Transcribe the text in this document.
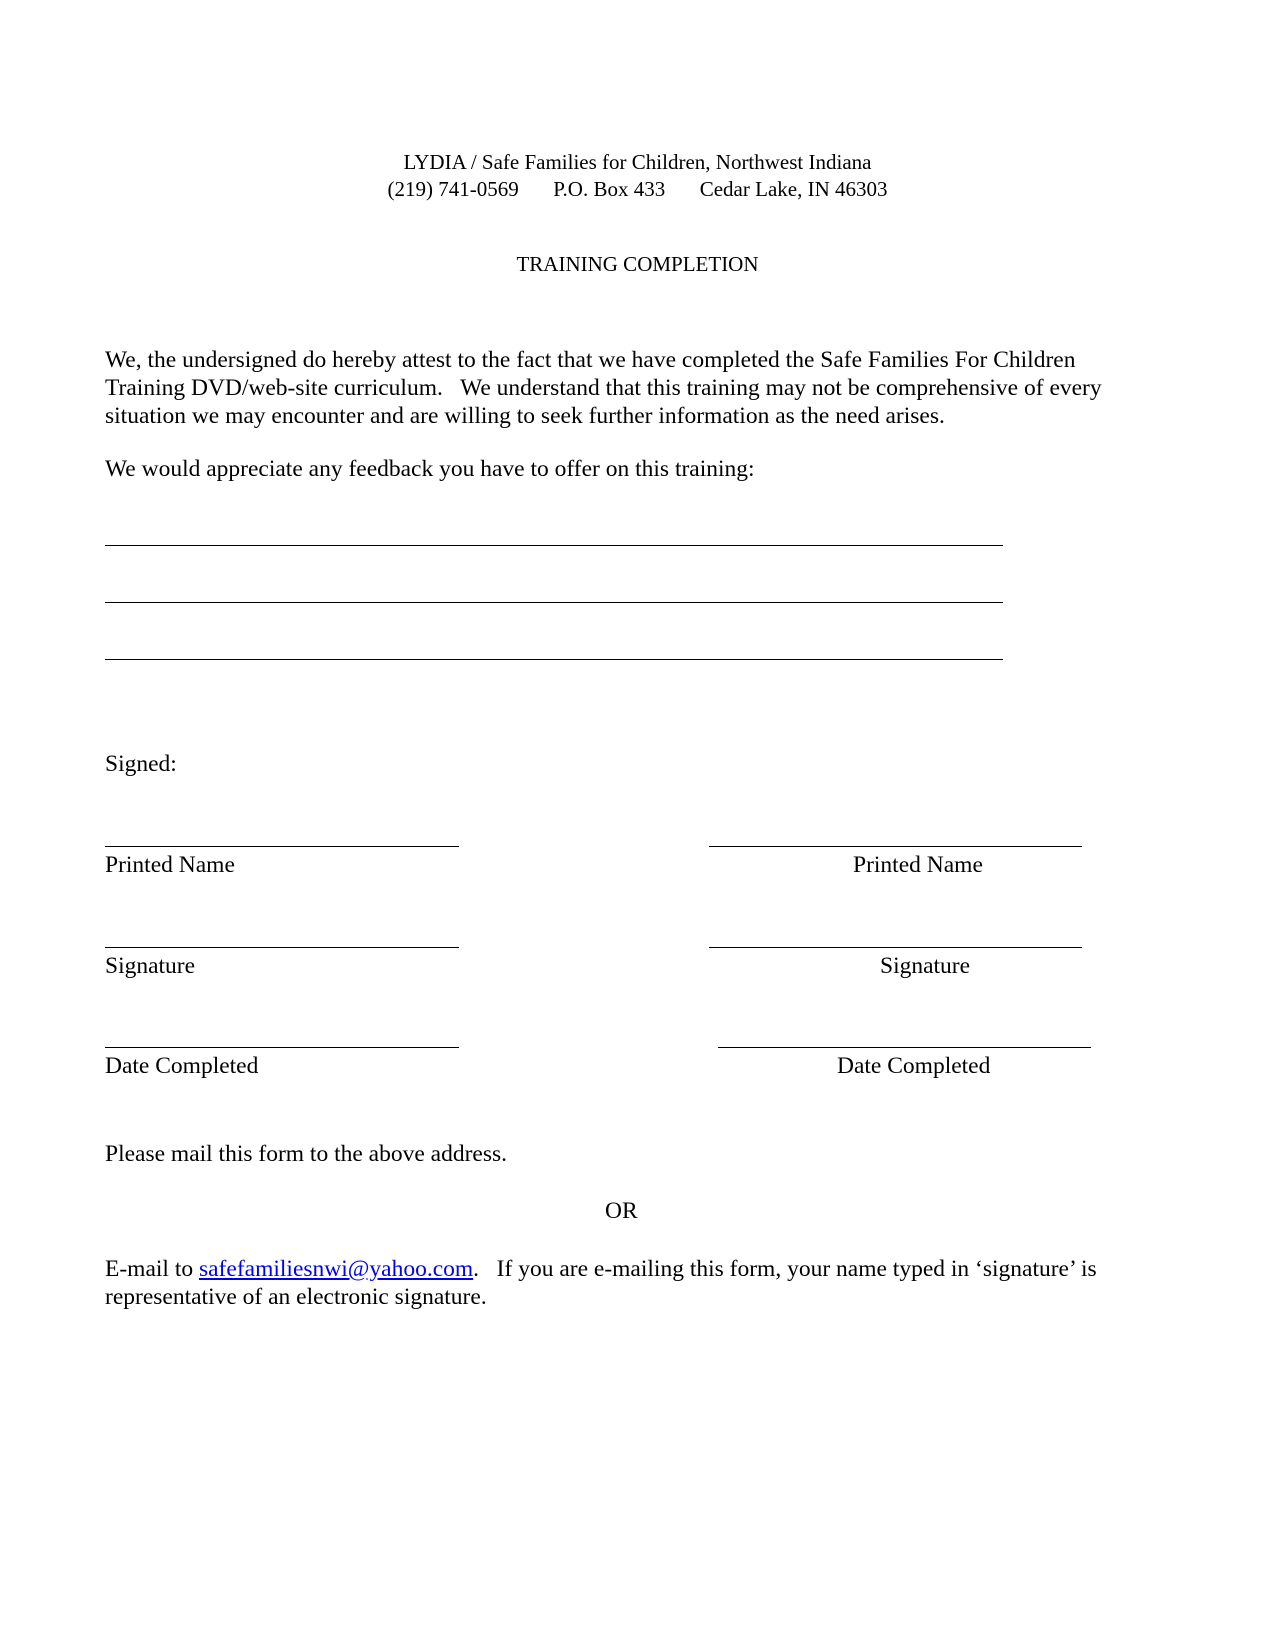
LYDIA / Safe Families for Children, Northwest Indiana
(219) 741-0569 P.O. Box 433 Cedar Lake, IN 46303
TRAINING COMPLETION
We, the undersigned do hereby attest to the fact that we have completed the Safe Families For Children
Training DVD/web-site curriculum.   We understand that this training may not be comprehensive of every
situation we may encounter and are willing to seek further information as the need arises.
We would appreciate any feedback you have to offer on this training:
Signed:
Printed Name	Printed Name
Signature	Signature
Date Completed	Date Completed
Please mail this form to the above address.
OR
E-mail to safefamiliesnwi@yahoo.com.   If you are e-mailing this form, your name typed in ‘signature’ is
representative of an electronic signature.
